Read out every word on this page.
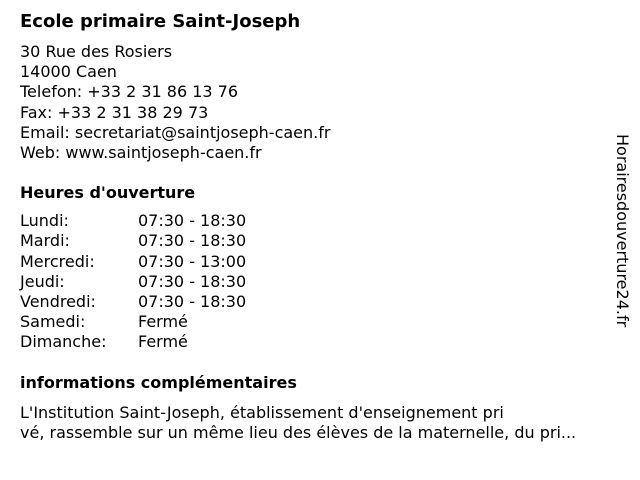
Ecole primaire Saint-Joseph
30 Rue des Rosiers
14000 Caen
Telefon: +33 2 31 86 13 76
Fax: +33 2 31 38 29 73
Email: secretariat@saintjoseph-caen.fr
Web: www.saintjoseph-caen.fr
Heures d'ouverture
Lundi:	07:30 - 18:30
Mardi:	07:30 - 18:30
Mercredi:	07:30 - 13:00
Jeudi:	07:30 - 18:30
Vendredi:	07:30 - 18:30
Samedi:	Fermé
Dimanche:	Fermé
informations complémentaires
L'Institution Saint-Joseph, établissement d'enseignement pri
vé, rassemble sur un même lieu des élèves de la maternelle, du pri...
Horairesdouverture24.fr
